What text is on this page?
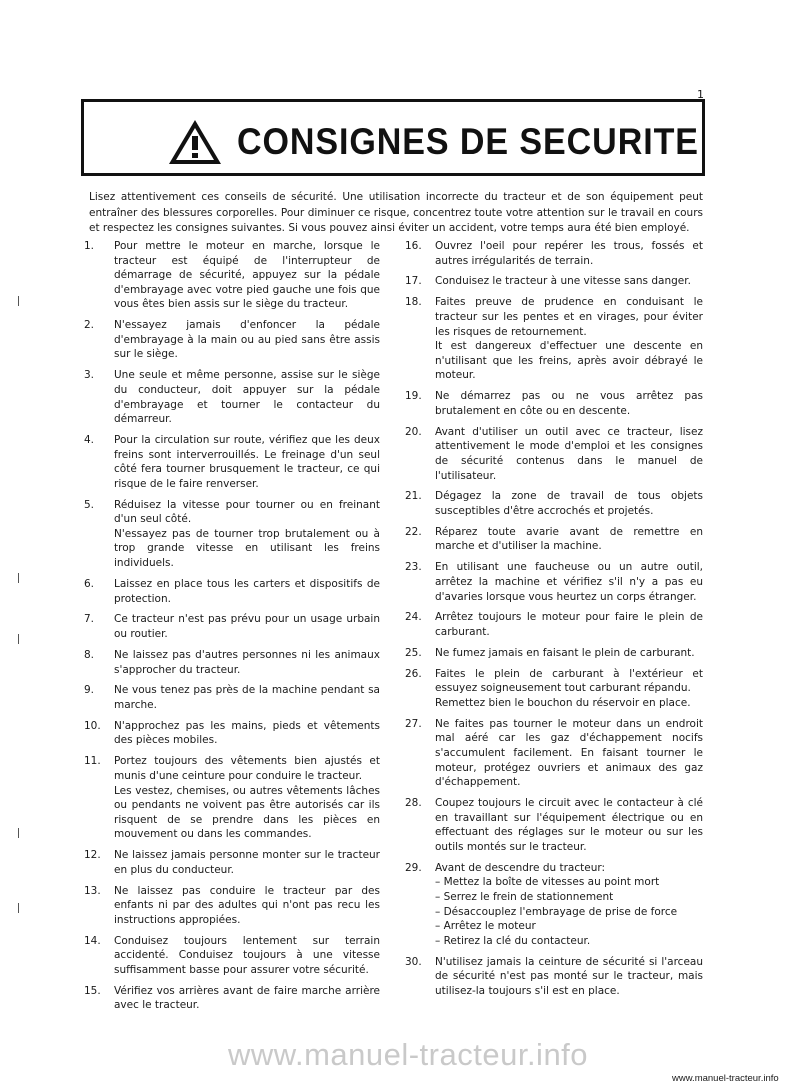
1
CONSIGNES DE SECURITE
Lisez attentivement ces conseils de sécurité. Une utilisation incorrecte du tracteur et de son équipement peut entraîner des blessures corporelles. Pour diminuer ce risque, concentrez toute votre attention sur le travail en cours et respectez les consignes suivantes. Si vous pouvez ainsi éviter un accident, votre temps aura été bien employé.
1.	Pour mettre le moteur en marche, lorsque le tracteur est équipé de l'interrupteur de démarrage de sécurité, appuyez sur la pédale d'embrayage avec votre pied gauche une fois que vous êtes bien assis sur le siège du tracteur.
2.	N'essayez jamais d'enfoncer la pédale d'embrayage à la main ou au pied sans être assis sur le siège.
3.	Une seule et même personne, assise sur le siège du conducteur, doit appuyer sur la pédale d'embrayage et tourner le contacteur du démarreur.
4.	Pour la circulation sur route, vérifiez que les deux freins sont interverrouillés. Le freinage d'un seul côté fera tourner brusquement le tracteur, ce qui risque de le faire renverser.
5.	Réduisez la vitesse pour tourner ou en freinant d'un seul côté.
N'essayez pas de tourner trop brutalement ou à trop grande vitesse en utilisant les freins individuels.
6.	Laissez en place tous les carters et dispositifs de protection.
7.	Ce tracteur n'est pas prévu pour un usage urbain ou routier.
8.	Ne laissez pas d'autres personnes ni les animaux s'approcher du tracteur.
9.	Ne vous tenez pas près de la machine pendant sa marche.
10.	N'approchez pas les mains, pieds et vêtements des pièces mobiles.
11.	Portez toujours des vêtements bien ajustés et munis d'une ceinture pour conduire le tracteur.
Les vestez, chemises, ou autres vêtements lâches ou pendants ne voivent pas être autorisés car ils risquent de se prendre dans les pièces en mouvement ou dans les commandes.
12.	Ne laissez jamais personne monter sur le tracteur en plus du conducteur.
13.	Ne laissez pas conduire le tracteur par des enfants ni par des adultes qui n'ont pas recu les instructions appropiées.
14.	Conduisez toujours lentement sur terrain accidenté. Conduisez toujours à une vitesse suffisamment basse pour assurer votre sécurité.
15.	Vérifiez vos arrières avant de faire marche arrière avec le tracteur.
16.	Ouvrez l'oeil pour repérer les trous, fossés et autres irrégularités de terrain.
17.	Conduisez le tracteur à une vitesse sans danger.
18.	Faites preuve de prudence en conduisant le tracteur sur les pentes et en virages, pour éviter les risques de retournement.
It est dangereux d'effectuer une descente en n'utilisant que les freins, après avoir débrayé le moteur.
19.	Ne démarrez pas ou ne vous arrêtez pas brutalement en côte ou en descente.
20.	Avant d'utiliser un outil avec ce tracteur, lisez attentivement le mode d'emploi et les consignes de sécurité contenus dans le manuel de l'utilisateur.
21.	Dégagez la zone de travail de tous objets susceptibles d'être accrochés et projetés.
22.	Réparez toute avarie avant de remettre en marche et d'utiliser la machine.
23.	En utilisant une faucheuse ou un autre outil, arrêtez la machine et vérifiez s'il n'y a pas eu d'avaries lorsque vous heurtez un corps étranger.
24.	Arrêtez toujours le moteur pour faire le plein de carburant.
25.	Ne fumez jamais en faisant le plein de carburant.
26.	Faites le plein de carburant à l'extérieur et essuyez soigneusement tout carburant répandu.
Remettez bien le bouchon du réservoir en place.
27.	Ne faites pas tourner le moteur dans un endroit mal aéré car les gaz d'échappement nocifs s'accumulent facilement. En faisant tourner le moteur, protégez ouvriers et animaux des gaz d'échappement.
28.	Coupez toujours le circuit avec le contacteur à clé en travaillant sur l'équipement électrique ou en effectuant des réglages sur le moteur ou sur les outils montés sur le tracteur.
29.	Avant de descendre du tracteur:
– Mettez la boîte de vitesses au point mort
– Serrez le frein de stationnement
– Désaccouplez l'embrayage de prise de force
– Arrêtez le moteur
– Retirez la clé du contacteur.
30.	N'utilisez jamais la ceinture de sécurité si l'arceau de sécurité n'est pas monté sur le tracteur, mais utilisez-la toujours s'il est en place.
www.manuel-tracteur.info
www.manuel-tracteur.info
